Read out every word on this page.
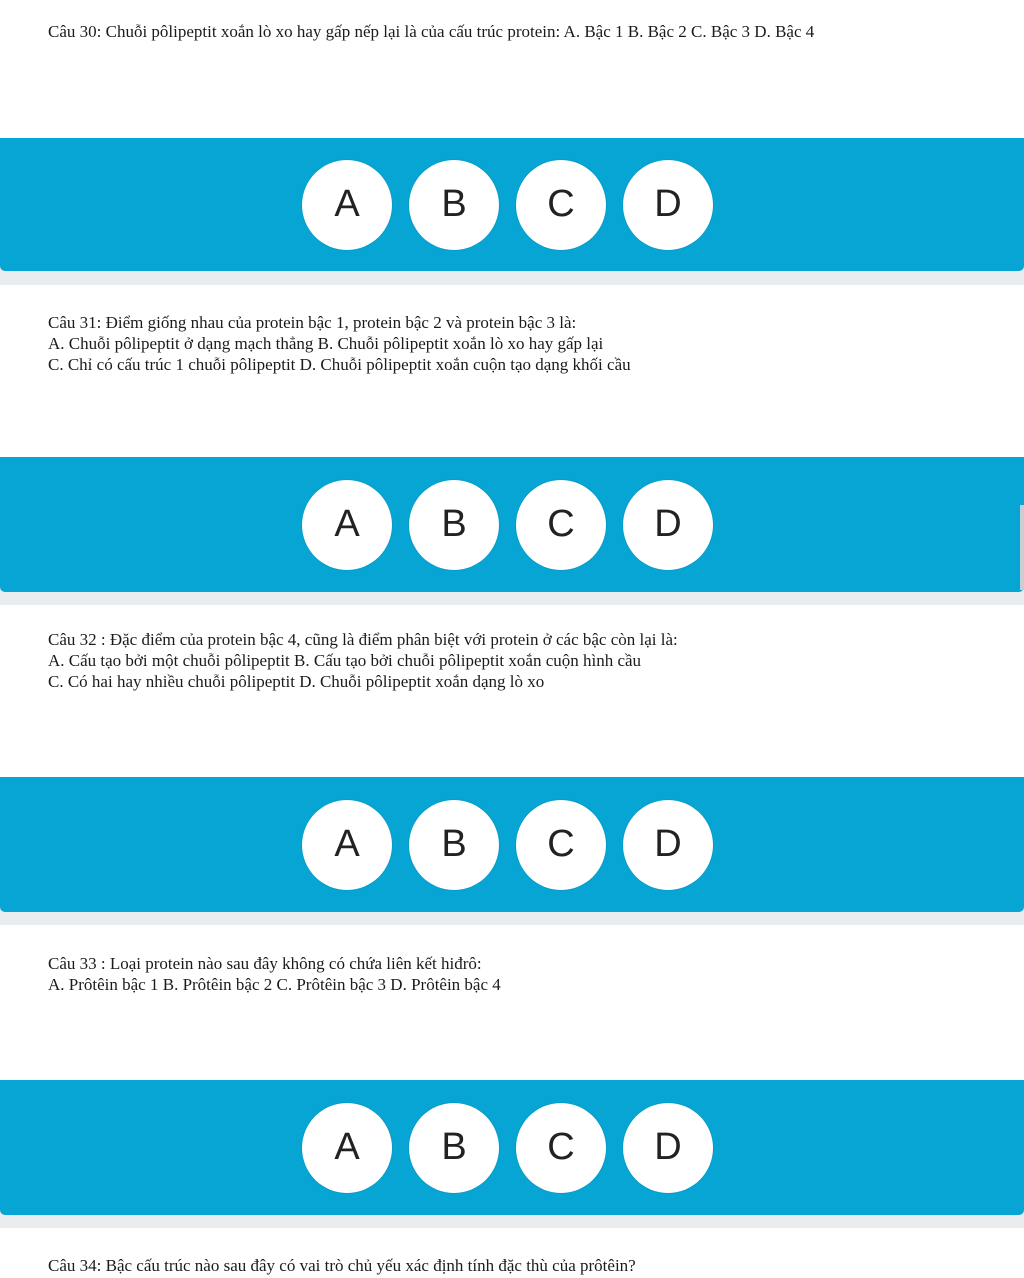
Câu 30: Chuỗi pôlipeptit xoắn lò xo hay gấp nếp lại là của cấu trúc protein: A. Bậc 1 B. Bậc 2 C. Bậc 3 D. Bậc 4
A	B	C	D
Câu 31: Điểm giống nhau của protein bậc 1, protein bậc 2 và protein bậc 3 là:
A. Chuỗi pôlipeptit ở dạng mạch thẳng B. Chuỗi pôlipeptit xoắn lò xo hay gấp lại
C. Chỉ có cấu trúc 1 chuỗi pôlipeptit D. Chuỗi pôlipeptit xoắn cuộn tạo dạng khối cầu
A	B	C	D
Câu 32 : Đặc điểm của protein bậc 4, cũng là điểm phân biệt với protein ở các bậc còn lại là:
A. Cấu tạo bởi một chuỗi pôlipeptit B. Cấu tạo bởi chuỗi pôlipeptit xoắn cuộn hình cầu
C. Có hai hay nhiều chuỗi pôlipeptit D. Chuỗi pôlipeptit xoắn dạng lò xo
A	B	C	D
Câu 33 : Loại protein nào sau đây không có chứa liên kết hiđrô:
A. Prôtêin bậc 1 B. Prôtêin bậc 2 C. Prôtêin bậc 3 D. Prôtêin bậc 4
A	B	C	D
Câu 34: Bậc cấu trúc nào sau đây có vai trò chủ yếu xác định tính đặc thù của prôtêin?
